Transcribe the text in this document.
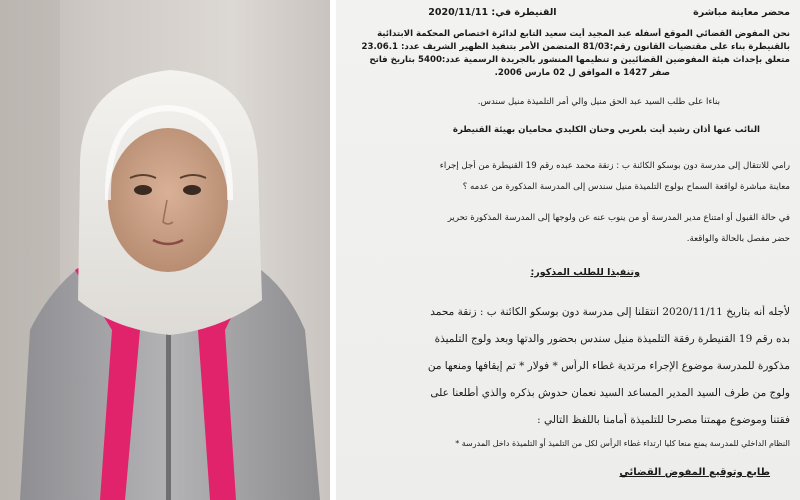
محضر معاينة مباشرة  القنيطرة في: 2020/11/11
نحن المفوض القضائي الموقع أسفله عبد المجيد أيت سعيد التابع لدائرة اختصاص المحكمة الابتدائية
بالقنيطرة بناء على مقتضيات القانون رقم:81/03 المتضمن الأمر بتنفيذ الظهير الشريف عدد: 23.06.1
متعلق بإحداث هيئة المفوضين القضائيين و تنظيمها المنشور بالجريدة الرسمية عدد:5400 بتاريخ فاتح
صفر 1427 ه الموافق ل 02 مارس 2006.
بناءا على طلب السيد عبد الحق منيل والي أمر التلميذة منيل سندس.
النائب عنها أذان رشيد أيت بلعربي وحنان الكليدي محاميان بهيئة القنيطرة
رامي للانتقال إلى مدرسة دون بوسكو الكائنة ب : زنقة محمد عبده رقم 19 القنيطرة من أجل إجراء
معاينة مباشرة لواقعة السماح بولوج التلميذة منيل سندس إلى المدرسة المذكورة من عدمه ؟
في حالة القبول أو امتناع مدير المدرسة أو من ينوب عنه عن ولوجها إلى المدرسة المذكورة تحرير
حضر مفصل بالحالة والواقعة.
وتنفيذا للطلب المذكور:
لأجله أنه بتاريخ 2020/11/11 انتقلنا إلى مدرسة دون بوسكو الكائنة ب : زنقة محمد
بده رقم 19 القنيطرة رفقة التلميذة منيل سندس بحضور والدتها وبعد ولوج التلميذة
مذكورة للمدرسة موضوع الإجراء مرتدية غطاء الرأس * فولار * تم إيقافها ومنعها من
ولوج من طرف السيد المدير المساعد السيد نعمان حدوش بذكره والذي أطلعنا على
فقتنا وموضوع مهمتنا مصرحا للتلميذة أمامنا باللفظ التالي :
النظام الداخلي للمدرسة يمنع منعا كليا ارتداء غطاء الرأس لكل من التلميذ أو التلميذة داخل المدرسة *
طابع وتوقيع المفوض القضائي
